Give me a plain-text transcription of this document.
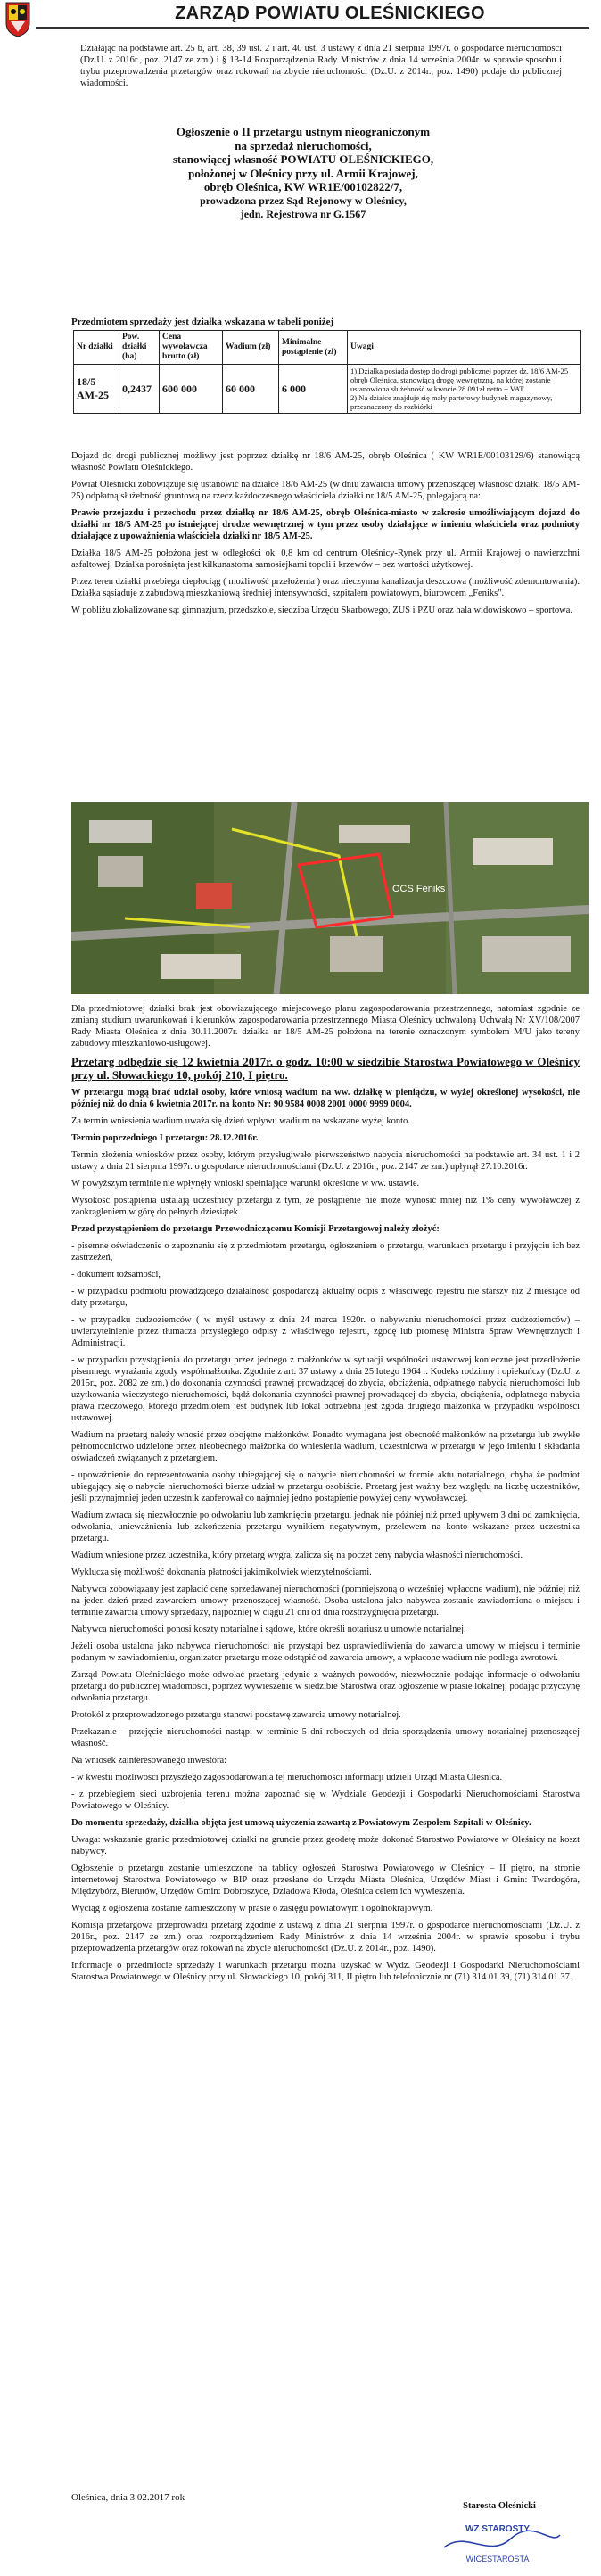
ZARZĄD POWIATU OLEŚNICKIEGO
Działając na podstawie art. 25 b, art. 38, 39 ust. 2 i art. 40 ust. 3 ustawy z dnia 21 sierpnia 1997r. o gospodarce nieruchomości (Dz.U. z 2016r., poz. 2147 ze zm.) i § 13-14 Rozporządzenia Rady Ministrów z dnia 14 września 2004r. w sprawie sposobu i trybu przeprowadzenia przetargów oraz rokowań na zbycie nieruchomości (Dz.U. z 2014r., poz. 1490) podaje do publicznej wiadomości.
Ogłoszenie o II przetargu ustnym nieograniczonym
na sprzedaż nieruchomości,
stanowiącej własność POWIATU OLEŚNICKIEGO,
położonej w Oleśnicy przy ul. Armii Krajowej,
obręb Oleśnica, KW WR1E/00102822/7,
prowadzona przez Sąd Rejonowy w Oleśnicy,
jedn. Rejestrowa nr G.1567
Przedmiotem sprzedaży jest działka wskazana w tabeli poniżej
Nr działki	Pow. działki (ha)	Cena wywoławcza brutto (zł)	Wadium (zł)	Minimalne postąpienie (zł)	Uwagi
18/5 AM-25	0,2437	600 000	60 000	6 000	1) Działka posiada dostęp do drogi publicznej poprzez dz. 18/6 AM-25 obręb Oleśnica, stanowiącą drogę wewnętrzną, na której zostanie ustanowiona służebność w kwocie 28 091zł netto + VAT
2) Na działce znajduje się mały parterowy budynek magazynowy, przeznaczony do rozbiórki

Dojazd do drogi publicznej możliwy jest poprzez działkę nr 18/6 AM-25, obręb Oleśnica ( KW WR1E/00103129/6) stanowiącą własność Powiatu Oleśnickiego.

Powiat Oleśnicki zobowiązuje się ustanowić na działce 18/6 AM-25 (w dniu zawarcia umowy przenoszącej własność działki 18/5 AM-25) odpłatną służebność gruntową na rzecz każdoczesnego właściciela działki nr 18/5 AM-25, polegającą na:

Prawie przejazdu i przechodu przez działkę nr 18/6 AM-25, obręb Oleśnica-miasto w zakresie umożliwiającym dojazd do działki nr 18/5 AM-25 po istniejącej drodze wewnętrznej w tym przez osoby działające w imieniu właściciela oraz podmioty działające z upoważnienia właściciela działki nr 18/5 AM-25.

Działka 18/5 AM-25 położona jest w odległości ok. 0,8 km od centrum Oleśnicy-Rynek przy ul. Armii Krajowej o nawierzchni asfaltowej. Działka porośnięta jest kilkunastoma samosiejkami topoli i krzewów – bez wartości użytkowej.

Przez teren działki przebiega ciepłociąg ( możliwość przełożenia ) oraz nieczynna kanalizacja deszczowa (możliwość zdemontowania). Działka sąsiaduje z zabudową mieszkaniową średniej intensywności, szpitalem powiatowym, biurowcem „Feniks".

W pobliżu zlokalizowane są: gimnazjum, przedszkole, siedziba Urzędu Skarbowego, ZUS i PZU oraz hala widowiskowo – sportowa.

OCS Feniks

Dla przedmiotowej działki brak jest obowiązującego miejscowego planu zagospodarowania przestrzennego, natomiast zgodnie ze zmianą studium uwarunkowań i kierunków zagospodarowania przestrzennego Miasta Oleśnicy uchwaloną Uchwałą Nr XV/108/2007 Rady Miasta Oleśnica z dnia 30.11.2007r. działka nr 18/5 AM-25 położona na terenie oznaczonym symbolem M/U jako tereny zabudowy mieszkaniowo-usługowej.

Przetarg odbędzie się 12 kwietnia 2017r. o godz. 10:00 w siedzibie Starostwa Powiatowego w Oleśnicy przy ul. Słowackiego 10, pokój 210, I piętro.

W przetargu mogą brać udział osoby, które wniosą wadium na ww. działkę w pieniądzu, w wyżej określonej wysokości, nie później niż do dnia 6 kwietnia 2017r. na konto Nr: 90 9584 0008 2001 0000 9999 0004.

Za termin wniesienia wadium uważa się dzień wpływu wadium na wskazane wyżej konto.

Termin poprzedniego I przetargu: 28.12.2016r.

Termin złożenia wniosków przez osoby, którym przysługiwało pierwszeństwo nabycia nieruchomości na podstawie art. 34 ust. 1 i 2 ustawy z dnia 21 sierpnia 1997r. o gospodarce nieruchomościami (Dz.U. z 2016r., poz. 2147 ze zm.) upłynął 27.10.2016r.

W powyższym terminie nie wpłynęły wnioski spełniające warunki określone w ww. ustawie.

Wysokość postąpienia ustalają uczestnicy przetargu z tym, że postąpienie nie może wynosić mniej niż 1% ceny wywoławczej z zaokrągleniem w górę do pełnych dziesiątek.

Przed przystąpieniem do przetargu Przewodniczącemu Komisji Przetargowej należy złożyć:

- pisemne oświadczenie o zapoznaniu się z przedmiotem przetargu, ogłoszeniem o przetargu, warunkach przetargu i przyjęciu ich bez zastrzeżeń,

- dokument tożsamości,

- w przypadku podmiotu prowadzącego działalność gospodarczą aktualny odpis z właściwego rejestru nie starszy niż 2 miesiące od daty przetargu,

- w przypadku cudzoziemców ( w myśl ustawy z dnia 24 marca 1920r. o nabywaniu nieruchomości przez cudzoziemców) – uwierzytelnienie przez tłumacza przysięgłego odpisy z właściwego rejestru, zgodę lub promesę Ministra Spraw Wewnętrznych i Administracji.

- w przypadku przystąpienia do przetargu przez jednego z małżonków w sytuacji wspólności ustawowej konieczne jest przedłożenie pisemnego wyrażania zgody współmałżonka. Zgodnie z art. 37 ustawy z dnia 25 lutego 1964 r. Kodeks rodzinny i opiekuńczy (Dz.U. z 2015r., poz. 2082 ze zm.) do dokonania czynności prawnej prowadzącej do zbycia, obciążenia, odpłatnego nabycia nieruchomości lub użytkowania wieczystego nieruchomości, bądź dokonania czynności prawnej prowadzącej do zbycia, obciążenia, odpłatnego nabycia prawa rzeczowego, którego przedmiotem jest budynek lub lokal potrzebna jest zgoda drugiego małżonka w przypadku wspólności ustawowej.

Wadium na przetarg należy wnosić przez obojętne małżonków. Ponadto wymagana jest obecność małżonków na przetargu lub zwykłe pełnomocnictwo udzielone przez nieobecnego małżonka do wniesienia wadium, uczestnictwa w przetargu w jego imieniu i składania oświadczeń związanych z przetargiem.

- upoważnienie do reprezentowania osoby ubiegającej się o nabycie nieruchomości w formie aktu notarialnego, chyba że podmiot ubiegający się o nabycie nieruchomości bierze udział w przetargu osobiście. Przetarg jest ważny bez względu na liczbę uczestników, jeśli przynajmniej jeden uczestnik zaoferował co najmniej jedno postąpienie powyżej ceny wywoławczej.

Wadium zwraca się niezwłocznie po odwołaniu lub zamknięciu przetargu, jednak nie później niż przed upływem 3 dni od zamknięcia, odwołania, unieważnienia lub zakończenia przetargu wynikiem negatywnym, przelewem na konto wskazane przez uczestnika przetargu.

Wadium wniesione przez uczestnika, który przetarg wygra, zalicza się na poczet ceny nabycia własności nieruchomości.

Wyklucza się możliwość dokonania płatności jakimikolwiek wierzytelnościami.

Nabywca zobowiązany jest zapłacić cenę sprzedawanej nieruchomości (pomniejszoną o wcześniej wpłacone wadium), nie później niż na jeden dzień przed zawarciem umowy przenoszącej własność. Osoba ustalona jako nabywca zostanie zawiadomiona o miejscu i terminie zawarcia umowy sprzedaży, najpóźniej w ciągu 21 dni od dnia rozstrzygnięcia przetargu.

Nabywca nieruchomości ponosi koszty notarialne i sądowe, które określi notariusz u umowie notarialnej.

Jeżeli osoba ustalona jako nabywca nieruchomości nie przystąpi bez usprawiedliwienia do zawarcia umowy w miejscu i terminie podanym w zawiadomieniu, organizator przetargu może odstąpić od zawarcia umowy, a wpłacone wadium nie podlega zwrotowi.

Zarząd Powiatu Oleśnickiego może odwołać przetarg jedynie z ważnych powodów, niezwłocznie podając informacje o odwołaniu przetargu do publicznej wiadomości, poprzez wywieszenie w siedzibie Starostwa oraz ogłoszenie w prasie lokalnej, podając przyczynę odwołania przetargu.

Protokół z przeprowadzonego przetargu stanowi podstawę zawarcia umowy notarialnej.

Przekazanie – przejęcie nieruchomości nastąpi w terminie 5 dni roboczych od dnia sporządzenia umowy notarialnej przenoszącej własność.

Na wniosek zainteresowanego inwestora:

- w kwestii możliwości przyszłego zagospodarowania tej nieruchomości informacji udzieli Urząd Miasta Oleśnica.

- z przebiegiem sieci uzbrojenia terenu można zapoznać się w Wydziale Geodezji i Gospodarki Nieruchomościami Starostwa Powiatowego w Oleśnicy.

Do momentu sprzedaży, działka objęta jest umową użyczenia zawartą z Powiatowym Zespołem Szpitali w Oleśnicy.

Uwaga: wskazanie granic przedmiotowej działki na gruncie przez geodetę może dokonać Starostwo Powiatowe w Oleśnicy na koszt nabywcy.

Ogłoszenie o przetargu zostanie umieszczone na tablicy ogłoszeń Starostwa Powiatowego w Oleśnicy – II piętro, na stronie internetowej Starostwa Powiatowego w BIP oraz przesłane do Urzędu Miasta Oleśnica, Urzędów Miast i Gmin: Twardogóra, Międzybórz, Bierutów, Urzędów Gmin: Dobroszyce, Dziadowa Kłoda, Oleśnica celem ich wywieszenia.

Wyciąg z ogłoszenia zostanie zamieszczony w prasie o zasięgu powiatowym i ogólnokrajowym.

Komisja przetargowa przeprowadzi przetarg zgodnie z ustawą z dnia 21 sierpnia 1997r. o gospodarce nieruchomościami (Dz.U. z 2016r., poz. 2147 ze zm.) oraz rozporządzeniem Rady Ministrów z dnia 14 września 2004r. w sprawie sposobu i trybu przeprowadzenia przetargów oraz rokowań na zbycie nieruchomości (Dz.U. z 2014r., poz. 1490).

Informacje o przedmiocie sprzedaży i warunkach przetargu można uzyskać w Wydz. Geodezji i Gospodarki Nieruchomościami Starostwa Powiatowego w Oleśnicy przy ul. Słowackiego 10, pokój 311, II piętro lub telefonicznie nr (71) 314 01 39, (71) 314 01 37.

Oleśnica, dnia 3.02.2017 rok
Starosta Oleśnicki
WZ STAROSTY
WICESTAROSTA
